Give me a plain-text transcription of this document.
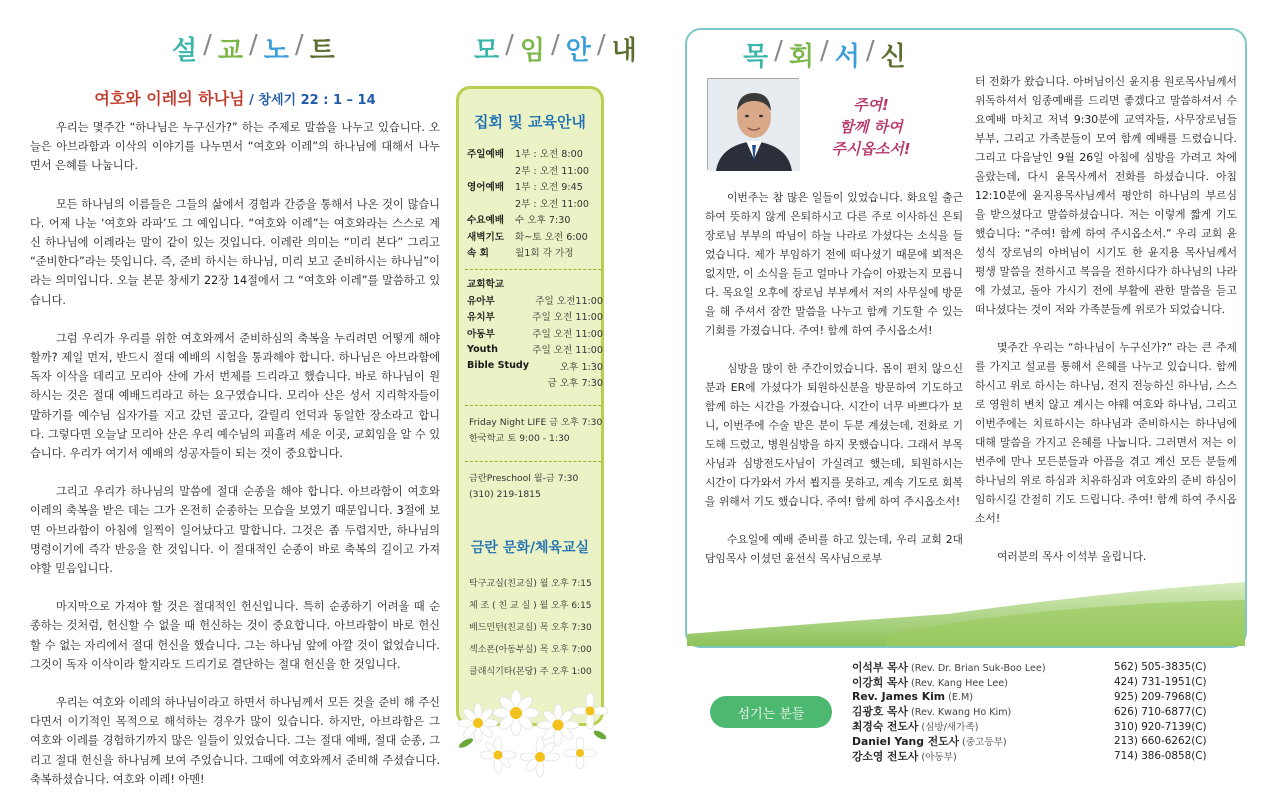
설 / 교 / 노 / 트
여호와 이레의 하나님 / 창세기 22 : 1 – 14

우리는 몇주간 “하나님은 누구신가?” 하는 주제로 말씀을 나누고 있습니다. 오늘은 아브라함과 이삭의 이야기를 나누면서 “여호와 이레”의 하나님에 대해서 나누면서 은혜를 나눕니다.

모든 하나님의 이름들은 그들의 삶에서 경험과 간증을 통해서 나온 것이 많습니다. 어제 나눈 ‘여호와 라파’도 그 예입니다. “여호와 이레”는 여호와라는 스스로 계신 하나님에 이레라는 말이 같이 있는 것입니다. 이레란 의미는 “미리 본다” 그리고 “준비한다”라는 뜻입니다. 즉, 준비 하시는 하나님, 미리 보고 준비하시는 하나님”이라는 의미입니다. 오늘 본문 창세기 22장 14절에서 그 “여호와 이레”를 말씀하고 있습니다.

그럼 우리가 우리를 위한 여호와께서 준비하심의 축복을 누리려면 어떻게 해야 할까? 제일 먼저, 반드시 절대 예배의 시험을 통과해야 합니다. 하나님은 아브라함에 독자 이삭을 데리고 모리아 산에 가서 번제를 드리라고 했습니다. 바로 하나님이 원하시는 것은 절대 예배드리라고 하는 요구였습니다. 모리아 산은 성서 지리학자들이 말하기를 예수님 십자가를 지고 갔던 골고다, 갈릴리 언덕과 동일한 장소라고 합니다. 그렇다면 오늘날 모리아 산은 우리 예수님의 피흘려 세운 이곳, 교회임을 알 수 있습니다. 우리가 여기서 예배의 성공자들이 되는 것이 중요합니다.

그리고 우리가 하나님의 말씀에 절대 순종을 해야 합니다. 아브라함이 여호와 이레의 축복을 받은 데는 그가 온전히 순종하는 모습을 보였기 때문입니다. 3절에 보면 아브라함이 아침에 일찍이 일어났다고 말합니다. 그것은 좀 두렵지만, 하나님의 명령이기에 즉각 반응을 한 것입니다. 이 절대적인 순종이 바로 축복의 길이고 가져야할 믿음입니다.

마지막으로 가져야 할 것은 절대적인 헌신입니다. 특히 순종하기 어려울 때 순종하는 것처럼, 헌신할 수 없을 때 헌신하는 것이 중요합니다. 아브라함이 바로 헌신할 수 없는 자리에서 절대 헌신을 했습니다. 그는 하나님 앞에 아깔 것이 없었습니다. 그것이 독자 이삭이라 할지라도 드리기로 결단하는 절대 헌신을 한 것입니다.

우리는 여호와 이레의 하나님이라고 하면서 하나님께서 모든 것을 준비 해 주신다면서 이기적인 목적으로 해석하는 경우가 많이 있습니다. 하지만, 아브라함은 그 여호와 이레를 경험하기까지 많은 일들이 있었습니다. 그는 절대 예배, 절대 순종, 그리고 절대 헌신을 하나님께 보여 주었습니다. 그때에 여호와께서 준비해 주셨습니다. 축복하셨습니다. 여호와 이레! 아멘!

모 / 임 / 안 / 내
집회 및 교육안내
주일예배	1부 : 오전 8:00
2부 : 오전 11:00
영어예배	1부 : 오전 9:45
2부 : 오전 11:00
수요예배	수 오후 7:30
새벽기도	화~토 오전 6:00
속 회	월1회 각 가정
교회학교
유아부	주일 오전11:00
유치부	주일 오전 11:00
아동부	주일 오전 11:00
Youth	주일 오전 11:00
Bible Study	오후 1:30
금 오후 7:30
Friday Night LIFE 금 오후 7:30
한국학교 토 9:00 - 1:30
금란Preschool 월-금 7:30
(310) 219-1815
금란 문화/체육교실
탁구교실(친교실) 월 오후 7:15
체 조 ( 친 교 실 ) 월 오후 6:15
배드민턴(친교실) 목 오후 7:30
섹소폰(아동부실) 목 오후 7:00
클래식기타(본당) 주 오후 1:00
목 / 회 / 서 / 신
주여!
함께 하여
주시옵소서!

이번주는 참 많은 일들이 있었습니다. 화요일 출근하여 뜻하지 않게 은퇴하시고 다른 주로 이사하신 은퇴 장로님 부부의 따님이 하늘 나라로 가셨다는 소식을 들었습니다. 제가 부임하기 전에 떠나셨기 때문에 뵈적은 없지만, 이 소식을 듣고 얼마나 가슴이 아팠는지 모릅니다. 목요일 오후에 장로님 부부께서 저의 사무실에 방문을 해 주셔서 잠깐 말씀을 나누고 함께 기도할 수 있는 기회를 가졌습니다. 주여! 함께 하여 주시옵소서!

심방을 많이 한 주간이었습니다. 몸이 편치 않으신 분과 ER에 가셨다가 퇴원하신분을 방문하여 기도하고 함께 하는 시간을 가졌습니다. 시간이 너무 바쁘다가 보니, 이번주에 수술 받은 분이 두분 계셨는데, 전화로 기도해 드렸고, 병원심방을 하지 못했습니다. 그래서 부목사님과 심방전도사님이 가실려고 했는데, 퇴원하시는 시간이 다가와서 가서 뵙지를 못하고, 계속 기도로 회복을 위해서 기도 했습니다. 주여! 함께 하여 주시옵소서!

수요일에 예배 준비를 하고 있는데, 우리 교회 2대 담임목사 이셨던 윤선식 목사님으로부

터 전화가 왔습니다. 아버님이신 윤지용 원로목사님께서 위독하셔서 임종예배를 드리면 좋겠다고 말씀하셔서 수요예배 마치고 저녁 9:30분에 교역자들, 사무장로님들 부부, 그리고 가족분들이 모여 함께 예배를 드렸습니다. 그리고 다음날인 9월 26일 아침에 심방을 가려고 차에 올랐는데, 다시 윤목사께서 전화를 하셨습니다. 아침 12:10분에 윤지용목사님께서 평안히 하나님의 부르심을 받으셨다고 말씀하셨습니다. 저는 이렇게 짧게 기도했습니다: “주여! 함께 하여 주시옵소서.” 우리 교회 윤성식 장로님의 아버님이 시기도 한 윤지용 목사님께서 평생 말씀을 전하시고 복음을 전하시다가 하나님의 나라에 가셨고, 돌아 가시기 전에 부활에 관한 말씀을 듣고 떠나셨다는 것이 저와 가족분들께 위로가 되었습니다.

몇주간 우리는 “하나님이 누구신가?” 라는 큰 주제를 가지고 설교를 통해서 은혜를 나누고 있습니다. 함께 하시고 위로 하시는 하나님, 전지 전능하신 하나님, 스스로 영원히 변치 않고 계시는 야웨 여호와 하나님, 그리고 이번주에는 치료하시는 하나님과 준비하시는 하나님에 대해 말씀을 가지고 은혜를 나눕니다. 그러면서 저는 이번주에 만나 모든분들과 아픔을 겪고 계신 모든 분들께 하나님의 위로 하심과 치유하심과 여호와의 준비 하심이 임하시길 간절히 기도 드립니다. 주여! 함께 하여 주시옵소서!

여러분의 목사 이석부 올립니다.

섬기는 분들
이석부 목사 (Rev. Dr. Brian Suk-Boo Lee)	562) 505-3835(C)
이강희 목사 (Rev. Kang Hee Lee)	424) 731-1951(C)
Rev. James Kim (E.M)	925) 209-7968(C)
김광호 목사 (Rev. Kwang Ho Kim)	626) 710-6877(C)
최경숙 전도사 (심방/새가족)	310) 920-7139(C)
Daniel Yang 전도사 (중고등부)	213) 660-6262(C)
강소영 전도사 (아동부)	714) 386-0858(C)
